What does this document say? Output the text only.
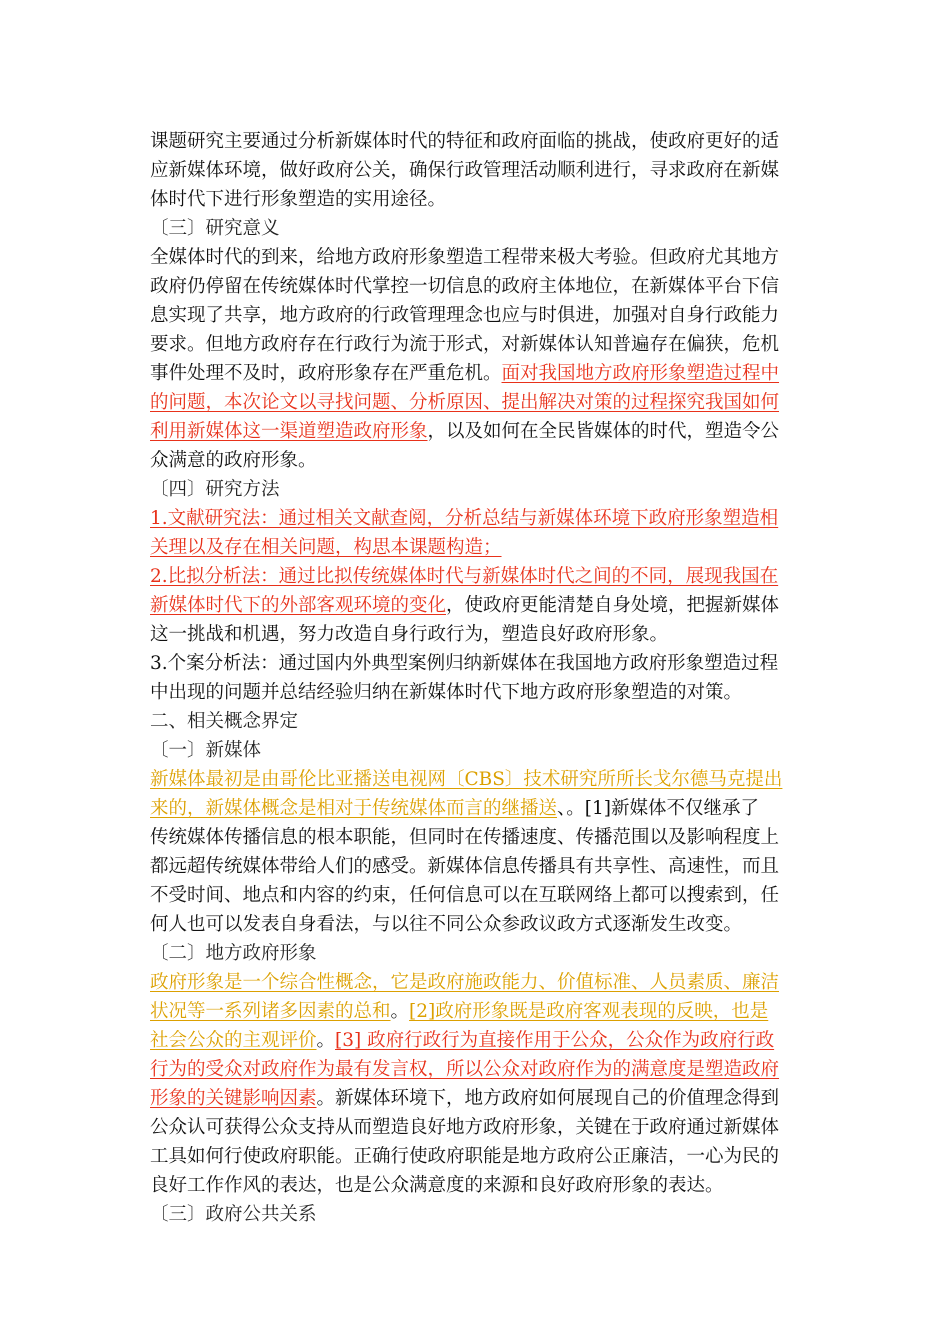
课题研究主要通过分析新媒体时代的特征和政府面临的挑战，使政府更好的适
应新媒体环境，做好政府公关，确保行政管理活动顺利进行，寻求政府在新媒
体时代下进行形象塑造的实用途径。
〔三〕研究意义
全媒体时代的到来，给地方政府形象塑造工程带来极大考验。但政府尤其地方
政府仍停留在传统媒体时代掌控一切信息的政府主体地位，在新媒体平台下信
息实现了共享，地方政府的行政管理理念也应与时俱进，加强对自身行政能力
要求。但地方政府存在行政行为流于形式，对新媒体认知普遍存在偏狭，危机
事件处理不及时，政府形象存在严重危机。面对我国地方政府形象塑造过程中
的问题，本次论文以寻找问题、分析原因、提出解决对策的过程探究我国如何
利用新媒体这一渠道塑造政府形象，以及如何在全民皆媒体的时代，塑造令公
众满意的政府形象。
〔四〕研究方法
1.文献研究法：通过相关文献查阅，分析总结与新媒体环境下政府形象塑造相
关理以及存在相关问题，构思本课题构造；
2.比拟分析法：通过比拟传统媒体时代与新媒体时代之间的不同，展现我国在
新媒体时代下的外部客观环境的变化，使政府更能清楚自身处境，把握新媒体
这一挑战和机遇，努力改造自身行政行为，塑造良好政府形象。
3.个案分析法：通过国内外典型案例归纳新媒体在我国地方政府形象塑造过程
中出现的问题并总结经验归纳在新媒体时代下地方政府形象塑造的对策。
二、相关概念界定
〔一〕新媒体
新媒体最初是由哥伦比亚播送电视网〔CBS〕技术研究所所长戈尔德马克提出
来的，新媒体概念是相对于传统媒体而言的继播送、。[1]新媒体不仅继承了
传统媒体传播信息的根本职能，但同时在传播速度、传播范围以及影响程度上
都远超传统媒体带给人们的感受。新媒体信息传播具有共享性、高速性，而且
不受时间、地点和内容的约束，任何信息可以在互联网络上都可以搜索到，任
何人也可以发表自身看法，与以往不同公众参政议政方式逐渐发生改变。
〔二〕地方政府形象
政府形象是一个综合性概念，它是政府施政能力、价值标准、人员素质、廉洁
状况等一系列诸多因素的总和。[2]政府形象既是政府客观表现的反映，也是
社会公众的主观评价。[3] 政府行政行为直接作用于公众，公众作为政府行政
行为的受众对政府作为最有发言权，所以公众对政府作为的满意度是塑造政府
形象的关键影响因素。新媒体环境下，地方政府如何展现自己的价值理念得到
公众认可获得公众支持从而塑造良好地方政府形象，关键在于政府通过新媒体
工具如何行使政府职能。正确行使政府职能是地方政府公正廉洁，一心为民的
良好工作作风的表达，也是公众满意度的来源和良好政府形象的表达。
〔三〕政府公共关系
